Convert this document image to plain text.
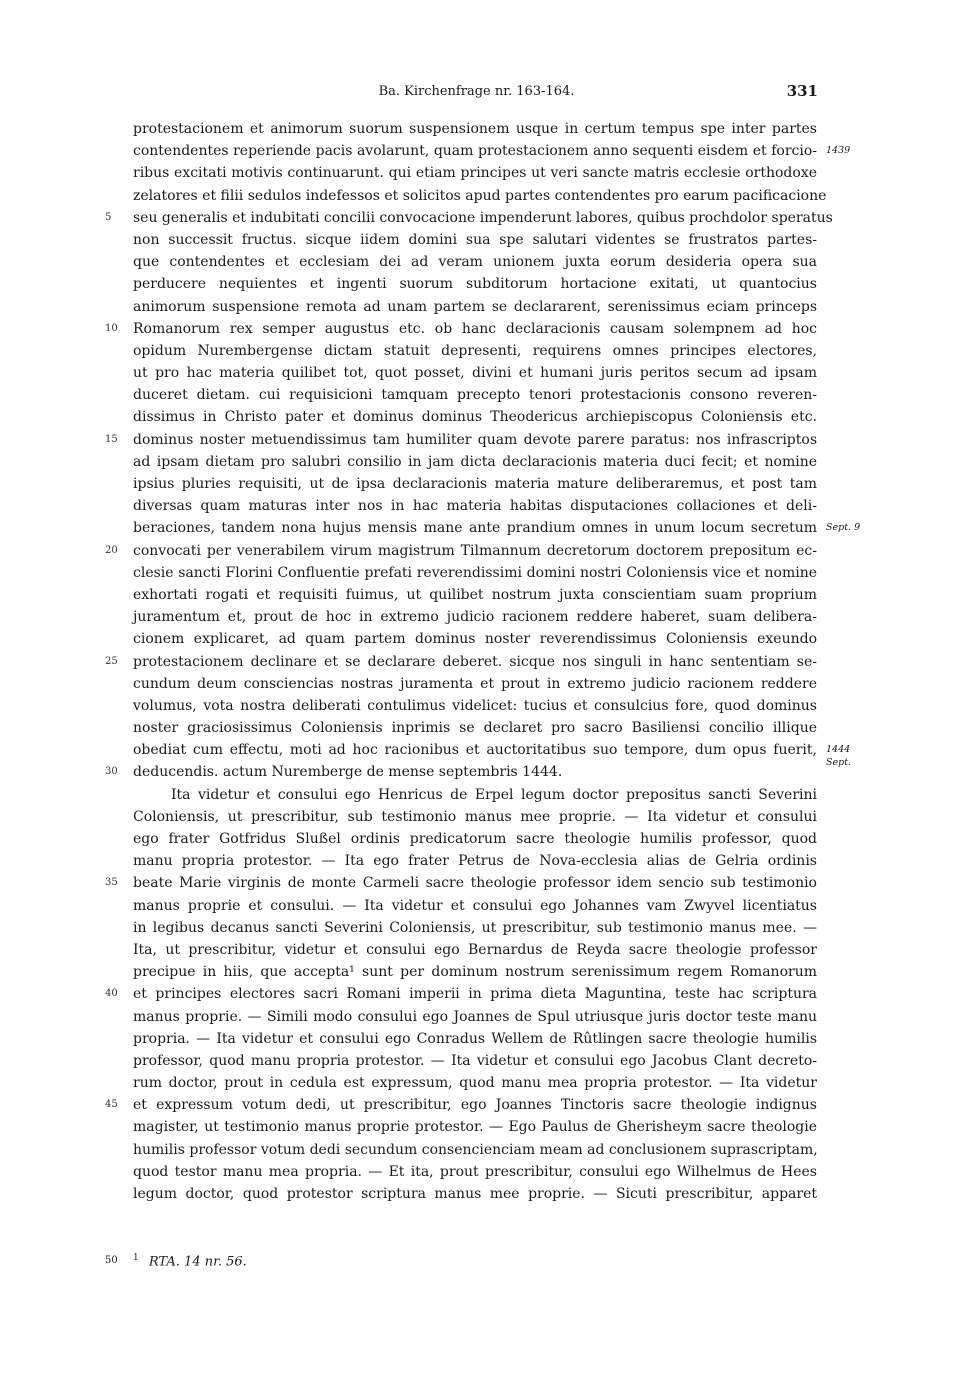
Ba. Kirchenfrage nr. 163-164.	331
protestacionem et animorum suorum suspensionem usque in certum tempus spe inter partes
contendentes reperiende pacis avolarunt, quam protestacionem anno sequenti eisdem et forcio- 1439
ribus excitati motivis continuarunt. qui etiam principes ut veri sancte matris ecclesie orthodoxe
zelatores et filii sedulos indefessos et solicitos apud partes contendentes pro earum pacificacione
5	seu generalis et indubitati concilii convocacione impenderunt labores, quibus prochdolor speratus
non successit fructus. sicque iidem domini sua spe salutari videntes se frustratos partes-
que contendentes et ecclesiam dei ad veram unionem juxta eorum desideria opera sua
perducere nequientes et ingenti suorum subditorum hortacione exitati, ut quantocius
animorum suspensione remota ad unam partem se declararent, serenissimus eciam princeps
10	Romanorum rex semper augustus etc. ob hanc declaracionis causam solempnem ad hoc
opidum Nurembergense dictam statuit depresenti, requirens omnes principes electores,
ut pro hac materia quilibet tot, quot posset, divini et humani juris peritos secum ad ipsam
duceret dietam. cui requisicioni tamquam precepto tenori protestacionis consono reveren-
dissimus in Christo pater et dominus dominus Theodericus archiepiscopus Coloniensis etc.
15	dominus noster metuendissimus tam humiliter quam devote parere paratus: nos infrascriptos
ad ipsam dietam pro salubri consilio in jam dicta declaracionis materia duci fecit; et nomine
ipsius pluries requisiti, ut de ipsa declaracionis materia mature deliberaremus, et post tam
diversas quam maturas inter nos in hac materia habitas disputaciones collaciones et deli-
beraciones, tandem nona hujus mensis mane ante prandium omnes in unum locum secretum Sept. 9
20	convocati per venerabilem virum magistrum Tilmannum decretorum doctorem prepositum ec-
clesie sancti Florini Confluentie prefati reverendissimi domini nostri Coloniensis vice et nomine
exhortati rogati et requisiti fuimus, ut quilibet nostrum juxta conscientiam suam proprium
juramentum et, prout de hoc in extremo judicio racionem reddere haberet, suam delibera-
cionem explicaret, ad quam partem dominus noster reverendissimus Coloniensis exeundo
25	protestacionem declinare et se declarare deberet. sicque nos singuli in hanc sententiam se-
cundum deum consciencias nostras juramenta et prout in extremo judicio racionem reddere
volumus, vota nostra deliberati contulimus videlicet: tucius et consulcius fore, quod dominus
noster graciosissimus Coloniensis inprimis se declaret pro sacro Basiliensi concilio illique
obediat cum effectu, moti ad hoc racionibus et auctoritatibus suo tempore, dum opus fuerit, 1444
Sept.
30	deducendis. actum Nuremberge de mense septembris 1444.
Ita videtur et consului ego Henricus de Erpel legum doctor prepositus sancti Severini
Coloniensis, ut prescribitur, sub testimonio manus mee proprie. — Ita videtur et consului
ego frater Gotfridus Slußel ordinis predicatorum sacre theologie humilis professor, quod
manu propria protestor. — Ita ego frater Petrus de Nova-ecclesia alias de Gelria ordinis
35	beate Marie virginis de monte Carmeli sacre theologie professor idem sencio sub testimonio
manus proprie et consului. — Ita videtur et consului ego Johannes vam Zwyvel licentiatus
in legibus decanus sancti Severini Coloniensis, ut prescribitur, sub testimonio manus mee. —
Ita, ut prescribitur, videtur et consului ego Bernardus de Reyda sacre theologie professor
precipue in hiis, que accepta¹ sunt per dominum nostrum serenissimum regem Romanorum
40	et principes electores sacri Romani imperii in prima dieta Maguntina, teste hac scriptura
manus proprie. — Simili modo consului ego Joannes de Spul utriusque juris doctor teste manu
propria. — Ita videtur et consului ego Conradus Wellem de Rûtlingen sacre theologie humilis
professor, quod manu propria protestor. — Ita videtur et consului ego Jacobus Clant decreto-
rum doctor, prout in cedula est expressum, quod manu mea propria protestor. — Ita videtur
45	et expressum votum dedi, ut prescribitur, ego Joannes Tinctoris sacre theologie indignus
magister, ut testimonio manus proprie protestor. — Ego Paulus de Gherisheym sacre theologie
humilis professor votum dedi secundum consencienciam meam ad conclusionem suprascriptam,
quod testor manu mea propria. — Et ita, prout prescribitur, consului ego Wilhelmus de Hees
legum doctor, quod protestor scriptura manus mee proprie. — Sicuti prescribitur, apparet
50 $^1$ RTA. 14 nr. 56.
